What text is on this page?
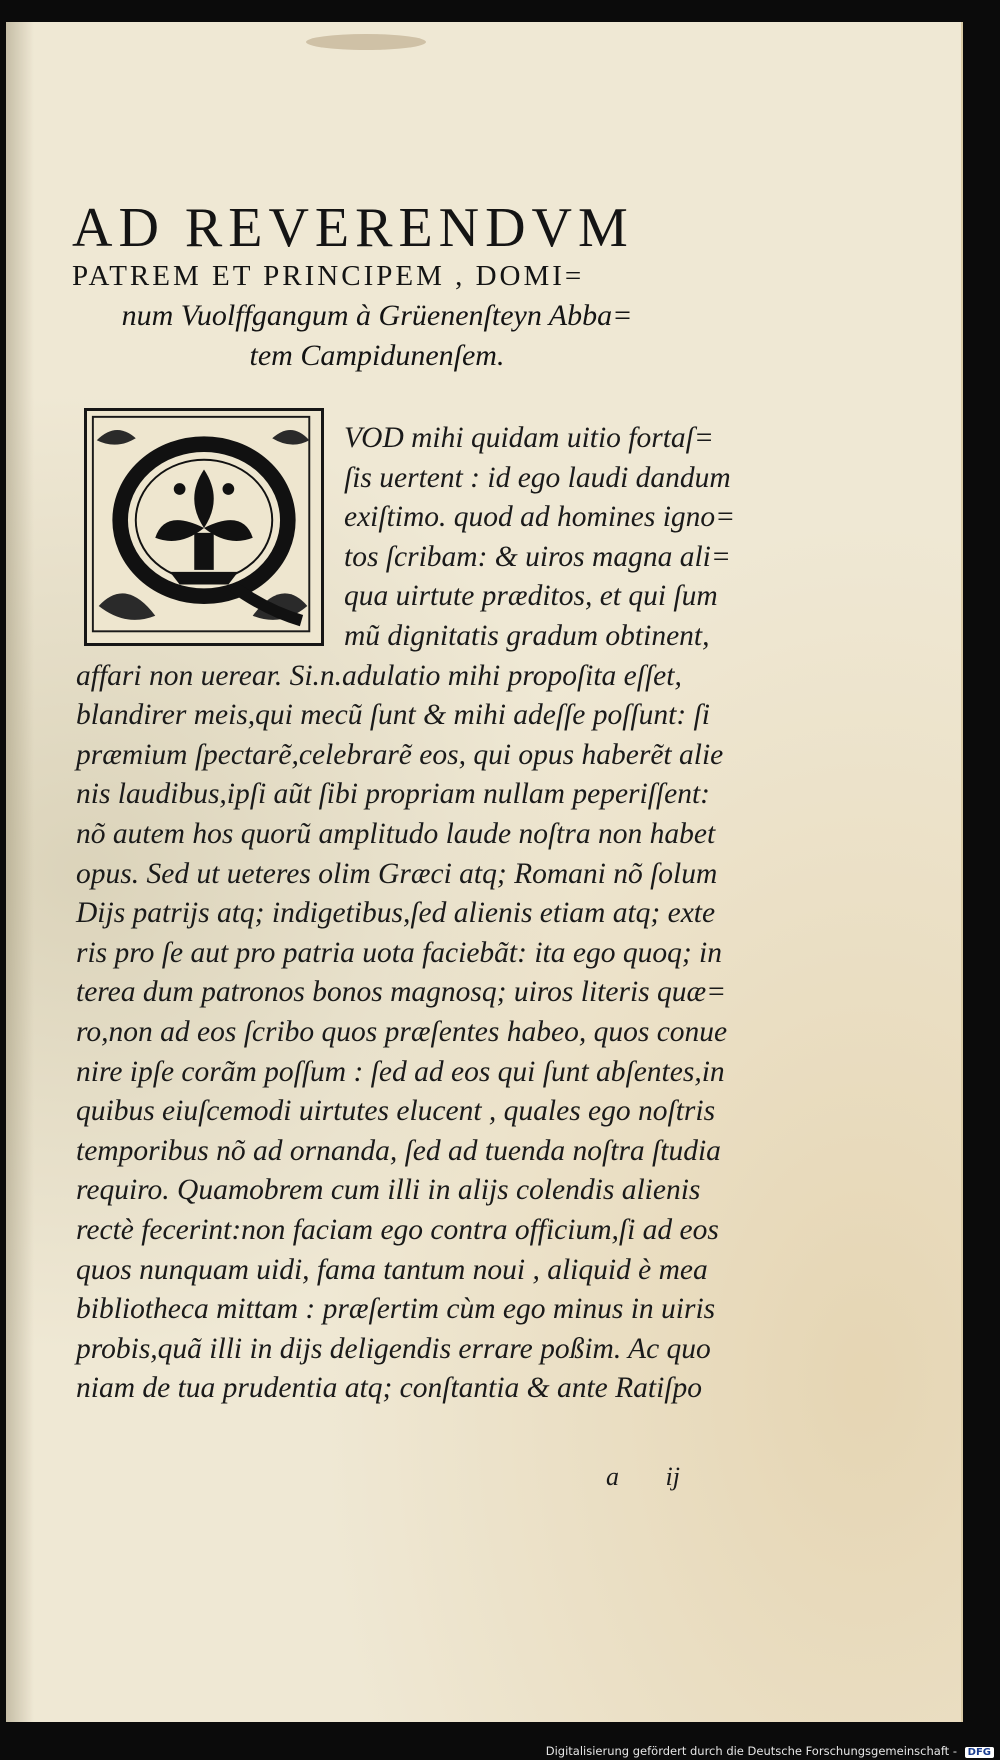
AD REVERENDVM
PATREM ET PRINCIPEM , DOMI=
num Vuolffgangum à Grüenenſteyn Abba=
tem Campidunenſem.
VOD mihi quidam uitio fortaſ=
ſis uertent : id ego laudi dandum
exiſtimo. quod ad homines igno=
tos ſcribam: & uiros magna ali=
qua uirtute præditos, et qui ſum
mũ dignitatis gradum obtinent,
affari non uerear. Si.n.adulatio mihi propoſita eſſet,
blandirer meis,qui mecũ ſunt & mihi adeſſe poſſunt: ſi
præmium ſpectarẽ,celebrarẽ eos, qui opus haberẽt alie
nis laudibus,ipſi aũt ſibi propriam nullam peperiſſent:
nõ autem hos quorũ amplitudo laude noſtra non habet
opus. Sed ut ueteres olim Græci atq; Romani nõ ſolum
Dijs patrijs atq; indigetibus,ſed alienis etiam atq; exte
ris pro ſe aut pro patria uota faciebãt: ita ego quoq; in
terea dum patronos bonos magnosq; uiros literis quæ=
ro,non ad eos ſcribo quos præſentes habeo, quos conue
nire ipſe corãm poſſum : ſed ad eos qui ſunt abſentes,in
quibus eiuſcemodi uirtutes elucent , quales ego noſtris
temporibus nõ ad ornanda, ſed ad tuenda noſtra ſtudia
requiro. Quamobrem cum illi in alijs colendis alienis
rectè fecerint:non faciam ego contra officium,ſi ad eos
quos nunquam uidi, fama tantum noui , aliquid è mea
bibliotheca mittam : præſertim cùm ego minus in uiris
probis,quã illi in dijs deligendis errare poßim. Ac quo
niam de tua prudentia atq; conſtantia & ante Ratiſpo
a ij
Digitalisierung gefördert durch die Deutsche Forschungsgemeinschaft - DFG
